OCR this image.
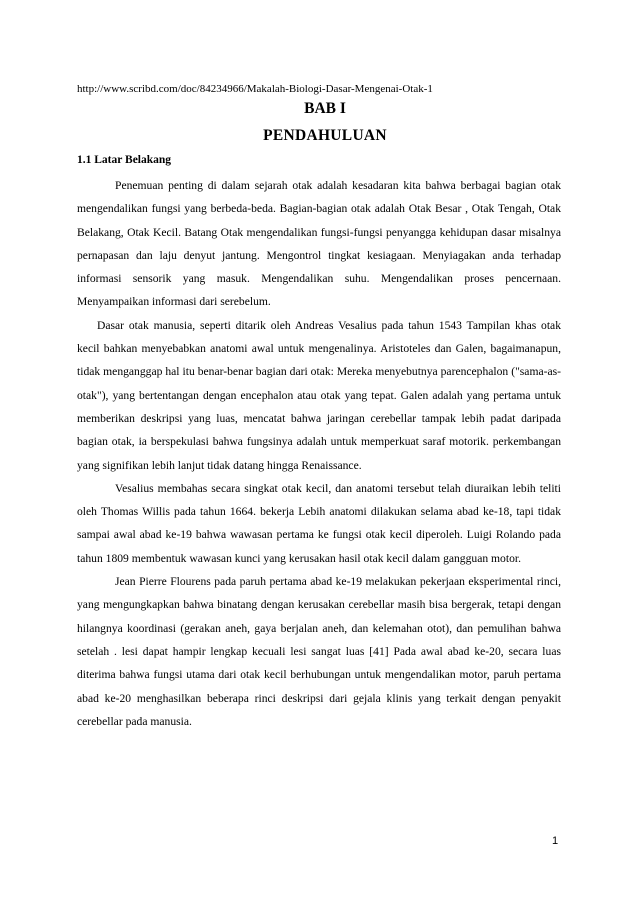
http://www.scribd.com/doc/84234966/Makalah-Biologi-Dasar-Mengenai-Otak-1
BAB I
PENDAHULUAN
1.1 Latar Belakang

Penemuan penting di dalam sejarah otak adalah kesadaran kita bahwa berbagai bagian otak mengendalikan fungsi yang berbeda-beda. Bagian-bagian otak adalah Otak Besar , Otak Tengah, Otak Belakang, Otak Kecil. Batang Otak mengendalikan fungsi-fungsi penyangga kehidupan dasar misalnya pernapasan dan laju denyut jantung. Mengontrol tingkat kesiagaan. Menyiagakan anda terhadap informasi sensorik yang masuk. Mengendalikan suhu. Mengendalikan proses pencernaan. Menyampaikan informasi dari serebelum.

Dasar otak manusia, seperti ditarik oleh Andreas Vesalius pada tahun 1543 Tampilan khas otak kecil bahkan menyebabkan anatomi awal untuk mengenalinya. Aristoteles dan Galen, bagaimanapun, tidak menganggap hal itu benar-benar bagian dari otak: Mereka menyebutnya parencephalon ("sama-as-otak"), yang bertentangan dengan encephalon atau otak yang tepat. Galen adalah yang pertama untuk memberikan deskripsi yang luas, mencatat bahwa jaringan cerebellar tampak lebih padat daripada bagian otak, ia berspekulasi bahwa fungsinya adalah untuk memperkuat saraf motorik. perkembangan yang signifikan lebih lanjut tidak datang hingga Renaissance.

Vesalius membahas secara singkat otak kecil, dan anatomi tersebut telah diuraikan lebih teliti oleh Thomas Willis pada tahun 1664. bekerja Lebih anatomi dilakukan selama abad ke-18, tapi tidak sampai awal abad ke-19 bahwa wawasan pertama ke fungsi otak kecil diperoleh. Luigi Rolando pada tahun 1809 membentuk wawasan kunci yang kerusakan hasil otak kecil dalam gangguan motor.

Jean Pierre Flourens pada paruh pertama abad ke-19 melakukan pekerjaan eksperimental rinci, yang mengungkapkan bahwa binatang dengan kerusakan cerebellar masih bisa bergerak, tetapi dengan hilangnya koordinasi (gerakan aneh, gaya berjalan aneh, dan kelemahan otot), dan pemulihan bahwa setelah . lesi dapat hampir lengkap kecuali lesi sangat luas [41] Pada awal abad ke-20, secara luas diterima bahwa fungsi utama dari otak kecil berhubungan untuk mengendalikan motor, paruh pertama abad ke-20 menghasilkan beberapa rinci deskripsi dari gejala klinis yang terkait dengan penyakit cerebellar pada manusia.

1
